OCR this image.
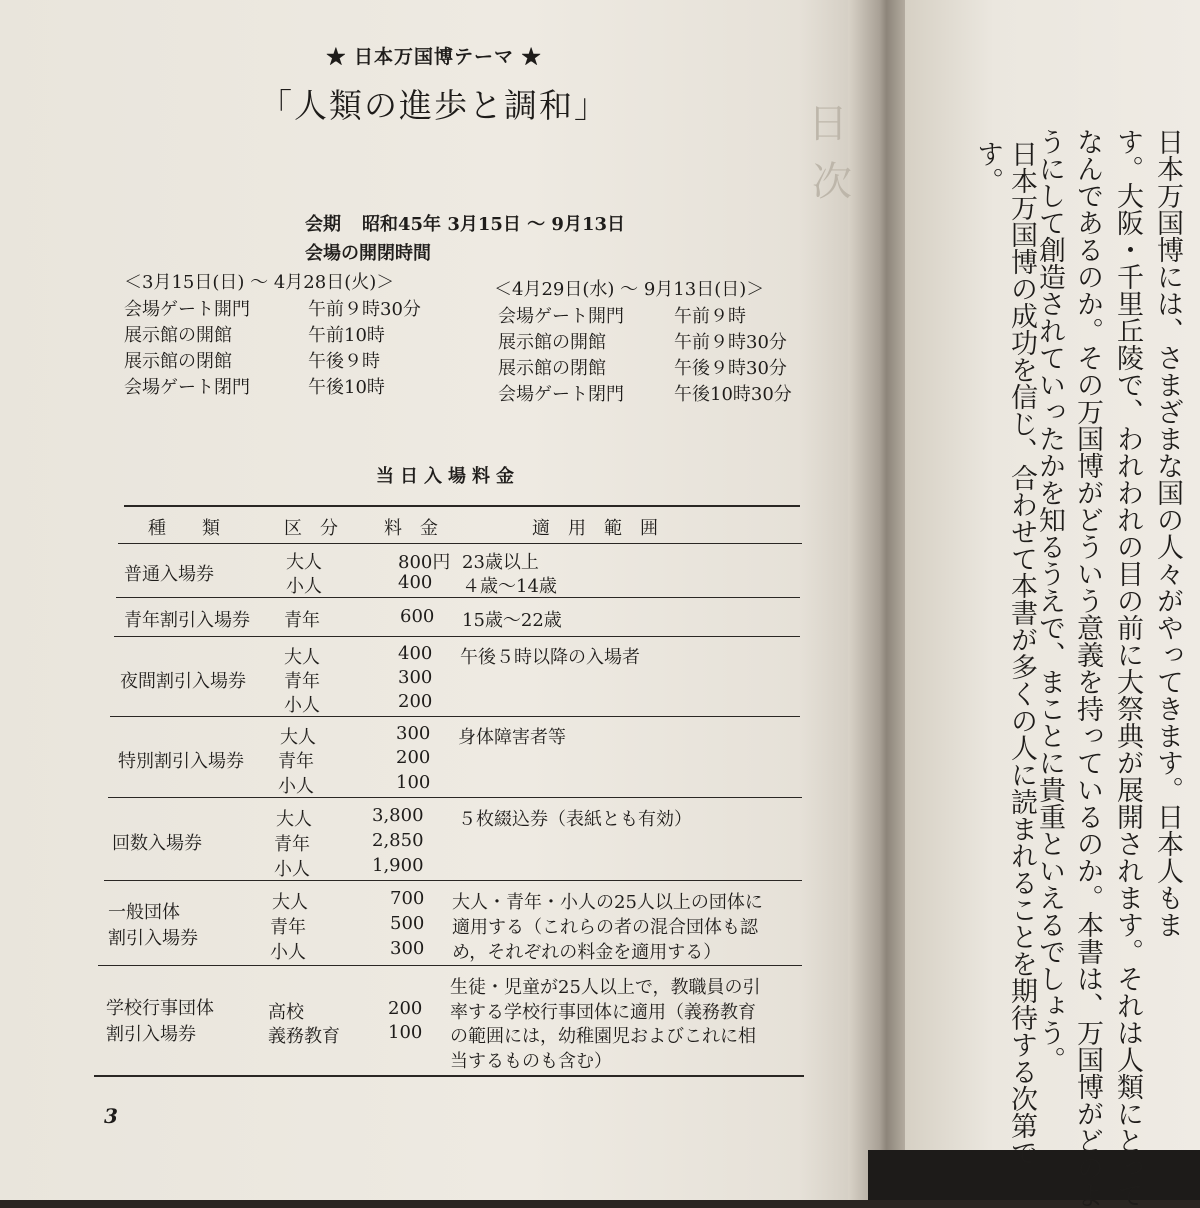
日
次
★ 日本万国博テーマ ★
「人類の進歩と調和」
会期 昭和45年 3月15日 ～ 9月13日
会場の開閉時間
＜3月15日(日) ～ 4月28日(火)＞
会場ゲート開門	午前９時30分
展示館の開館	午前10時
展示館の閉館	午後９時
会場ゲート閉門	午後10時
＜4月29日(水) ～ 9月13日(日)＞
会場ゲート開門	午前９時
展示館の開館	午前９時30分
展示館の閉館	午後９時30分
会場ゲート閉門	午後10時30分
当日入場料金
種　　類	区　分	料　金	適　用　範　囲
普通入場券
大人	800円 23歳以上
小人	400 ４歳～14歳
青年割引入場券 青年	600 15歳～22歳
夜間割引入場券
大人	400 午後５時以降の入場者
青年	300
小人	200
特別割引入場券
大人	300 身体障害者等
青年	200
小人	100
回数入場券
大人	3,800 ５枚綴込券（表紙とも有効）
青年	2,850
小人	1,900
一般団体
割引入場券
大人	700 大人・青年・小人の25人以上の団体に
青年	500 適用する（これらの者の混合団体も認
小人	300 め，それぞれの料金を適用する）
学校行事団体
割引入場券
生徒・児童が25人以上で，教職員の引
高校	200 率する学校行事団体に適用（義務教育
義務教育	100 の範囲には，幼稚園児およびこれに相
当するものも含む）
3
日本万国博には、さまざまな国の人々がやってきます。日本人もま
す。大阪・千里丘陵で、われわれの目の前に大祭典が展開されます。それは人類にとって
なんであるのか。その万国博がどういう意義を持っているのか。本書は、万国博がどのよ
うにして創造されていったかを知るうえで、まことに貴重といえるでしょう。
日本万国博の成功を信じ、合わせて本書が多くの人に読まれることを期待する次第で
す。
